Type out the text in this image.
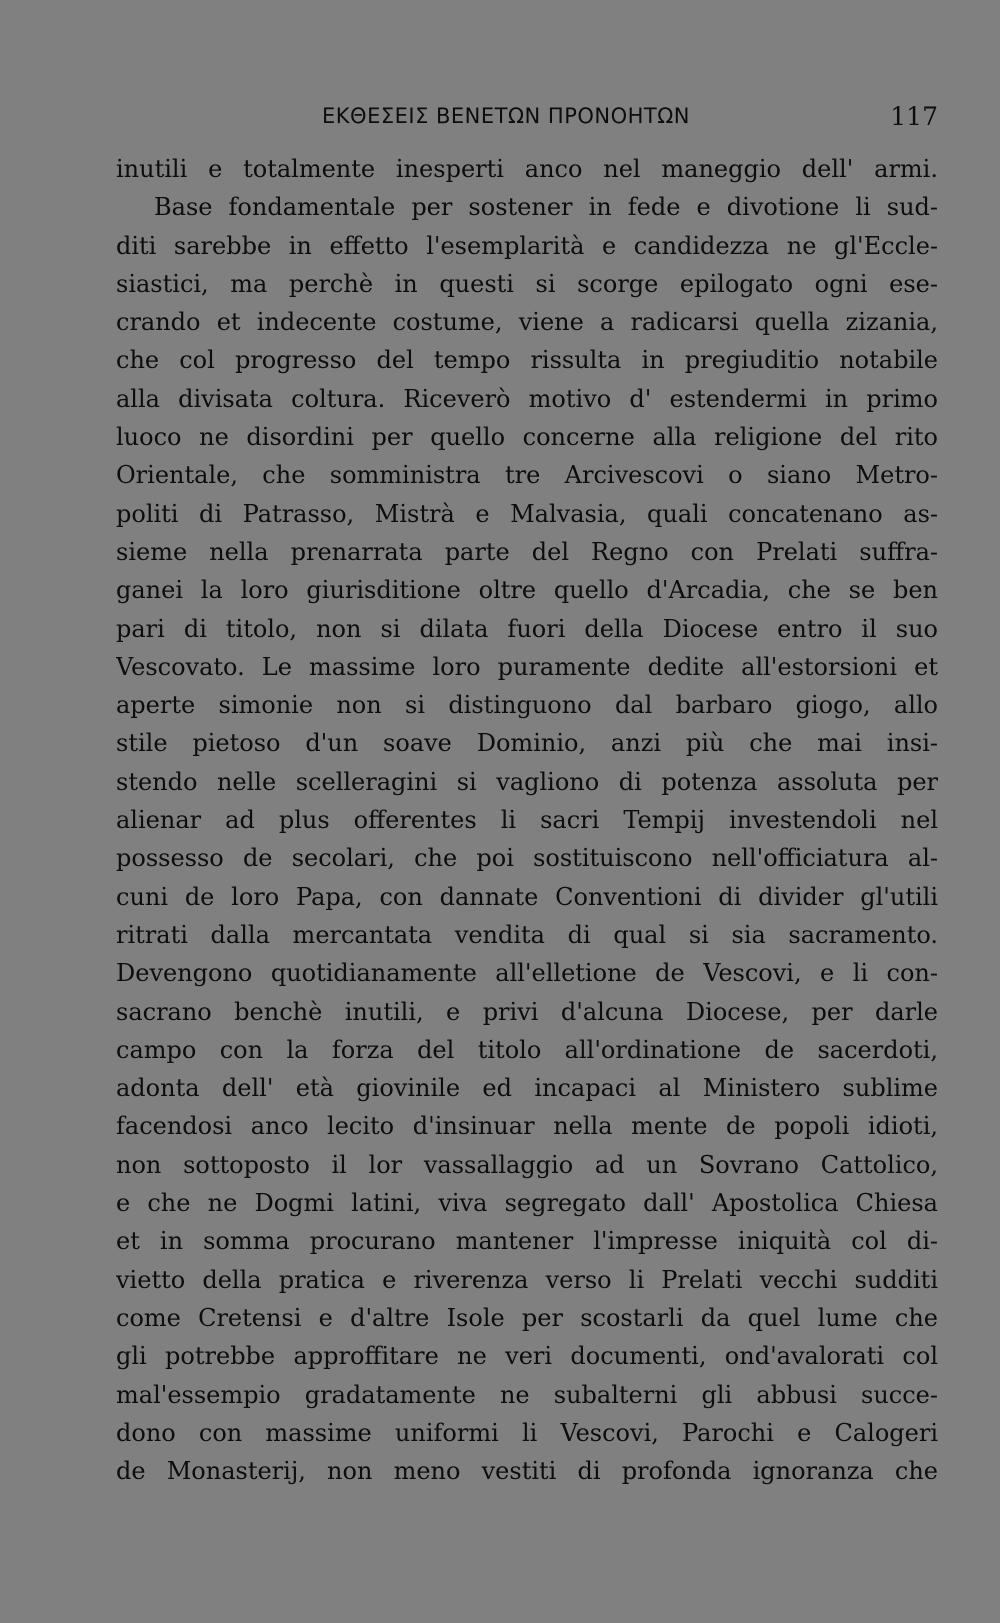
ΕΚΘΕΣΕΙΣ ΒΕΝΕΤΩΝ ΠΡΟΝΟΗΤΩΝ	117
inutili e totalmente inesperti anco nel maneggio dell' armi.
Base fondamentale per sostener in fede e divotione li sud-
diti sarebbe in effetto l'esemplarità e candidezza ne gl'Eccle-
siastici, ma perchè in questi si scorge epilogato ogni ese-
crando et indecente costume, viene a radicarsi quella zizania,
che col progresso del tempo rissulta in pregiuditio notabile
alla divisata coltura. Riceverò motivo d' estendermi in primo
luoco ne disordini per quello concerne alla religione del rito
Orientale, che somministra tre Arcivescovi o siano Metro-
politi di Patrasso, Mistrà e Malvasia, quali concatenano as-
sieme nella prenarrata parte del Regno con Prelati suffra-
ganei la loro giurisditione oltre quello d'Arcadia, che se ben
pari di titolo, non si dilata fuori della Diocese entro il suo
Vescovato. Le massime loro puramente dedite all'estorsioni et
aperte simonie non si distinguono dal barbaro giogo, allo
stile pietoso d'un soave Dominio, anzi più che mai insi-
stendo nelle scelleragini si vagliono di potenza assoluta per
alienar ad plus offerentes li sacri Tempij investendoli nel
possesso de secolari, che poi sostituiscono nell'officiatura al-
cuni de loro Papa, con dannate Conventioni di divider gl'utili
ritrati dalla mercantata vendita di qual si sia sacramento.
Devengono quotidianamente all'elletione de Vescovi, e li con-
sacrano benchè inutili, e privi d'alcuna Diocese, per darle
campo con la forza del titolo all'ordinatione de sacerdoti,
adonta dell' età giovinile ed incapaci al Ministero sublime
facendosi anco lecito d'insinuar nella mente de popoli idioti,
non sottoposto il lor vassallaggio ad un Sovrano Cattolico,
e che ne Dogmi latini, viva segregato dall' Apostolica Chiesa
et in somma procurano mantener l'impresse iniquità col di-
vietto della pratica e riverenza verso li Prelati vecchi sudditi
come Cretensi e d'altre Isole per scostarli da quel lume che
gli potrebbe approffitare ne veri documenti, ond'avalorati col
mal'essempio gradatamente ne subalterni gli abbusi succe-
dono con massime uniformi li Vescovi, Parochi e Calogeri
de Monasterij, non meno vestiti di profonda ignoranza che
